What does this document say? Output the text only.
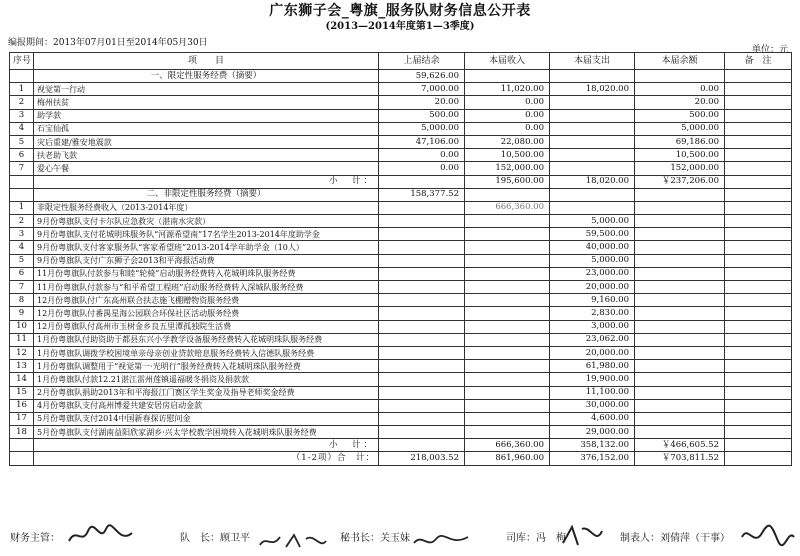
广东狮子会_粤旗_服务队财务信息公开表
(2013—2014年度第1—3季度)
编报期间：2013年07月01日至2014年05月30日
单位：元
序号	项　　目	上届结余	本届收入	本届支出	本届余额	备　注
	一、限定性服务经费（摘要）	59,626.00				
1	视觉第一行动	7,000.00	11,020.00	18,020.00	0.00	
2	梅州扶贫	20.00	0.00		20.00	
3	助学款	500.00	0.00		500.00	
4	石宝仙孤	5,000.00	0.00		5,000.00	
5	灾后重建/雅安地震款	47,106.00	22,080.00		69,186.00	
6	扶老助飞款	0.00	10,500.00		10,500.00	
7	爱心午餐	0.00	152,000.00		152,000.00	
	小　计：		195,600.00	18,020.00	￥237,206.00	
	二、非限定性服务经费（摘要）	158,377.52				
1	非限定性服务经费收入（2013-2014年度）		666,360.00			
2	9月份粤旗队支付卡尔队应急救灾（湛南水灾款）			5,000.00		
3	9月份粤旗队支付花城明珠服务队“河源希望南”17名学生2013-2014年度助学金			59,500.00		
4	9月份粤旗队支付客家服务队“客家希望班”2013-2014学年助学金（10人）			40,000.00		
5	9月份粤旗队支付广东狮子会2013和平海报活动费			5,000.00		
6	11月份粤旗队付款参与和睦“轮椅”启动服务经费转入花城明珠队服务经费			23,000.00		
7	11月份粤旗队付款参与“和平希望工程班”启动服务经费转入深城队服务经费			20,000.00		
8	12月份粤旗队付广东高州联合扶志施飞棚赠物资服务经费			9,160.00		
9	12月份粤旗队付番禺星海公园联合环保社区活动服务经费			2,830.00		
10	12月份粤旗队付高州市玉树金乡良五里潭孤独院生活费			3,000.00		
11	1月份粤旗队付助资助于都县东兴小学教学设备服务经费转入花城明珠队服务经费			23,062.00		
12	1月份粤旗队调拨学校困境单亲母亲创业贷款赔息服务经费转入信德队服务经费			20,000.00		
13	1月份粤旗队调整用于“视觉第一·光明行”服务经费转入花城明珠队服务经费			61,980.00		
14	1月份粤旗队付款12.21湛江雷州莲镇遥福暖冬捐资及捐款款			19,900.00		
15	2月份粤旗队捐助2013年和平海报江门赛区学生奖金及指导老师奖金经费			11,100.00		
16	4月份粤旗队支付高州博爱共建安居房启动金款			30,000.00		
17	5月份粤旗队支付2014中国新春探访慰问金			4,600.00		
18	5月份粤旗队支付湖南益阳欣家湖乡·兴太学校教学困境转入花城明珠队服务经费			29,000.00		
	小　计：		666,360.00	358,132.00	￥466,605.52	
	（1-2项）合　计：	218,003.52	861,960.00	376,152.00	￥703,811.52	
财务主管：	队　长：顾卫平	秘书长：关玉妹	司库：冯　梅	制表人：刘倩萍（干事）
